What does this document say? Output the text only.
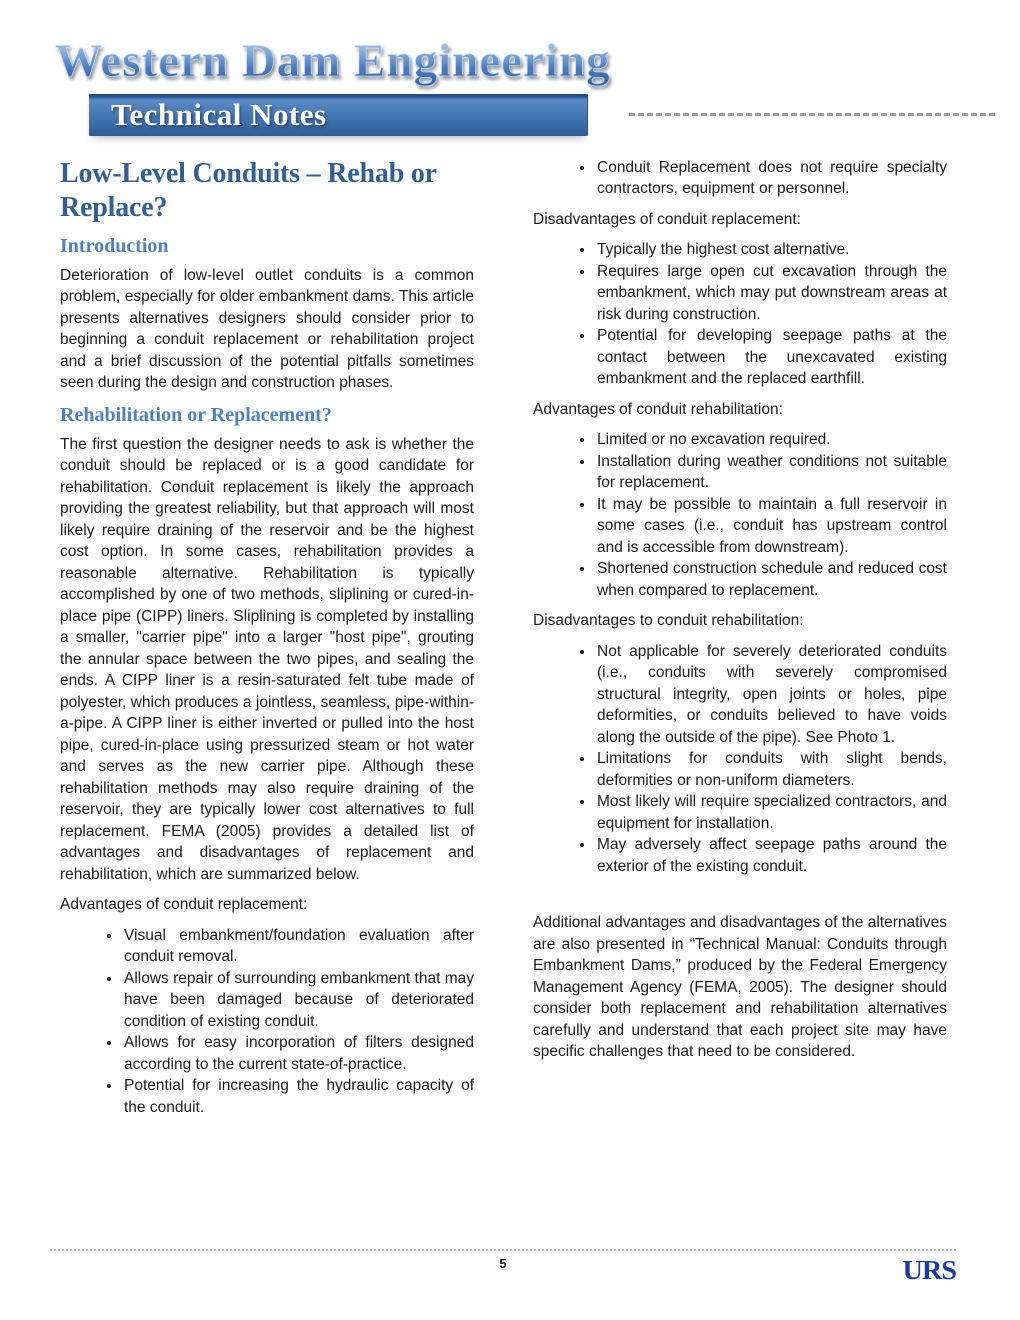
Western Dam Engineering
Technical Notes
Low-Level Conduits – Rehab or Replace?
Introduction

Deterioration of low-level outlet conduits is a common problem, especially for older embankment dams. This article presents alternatives designers should consider prior to beginning a conduit replacement or rehabilitation project and a brief discussion of the potential pitfalls sometimes seen during the design and construction phases.

Rehabilitation or Replacement?

The first question the designer needs to ask is whether the conduit should be replaced or is a good candidate for rehabilitation. Conduit replacement is likely the approach providing the greatest reliability, but that approach will most likely require draining of the reservoir and be the highest cost option. In some cases, rehabilitation provides a reasonable alternative. Rehabilitation is typically accomplished by one of two methods, sliplining or cured-in-place pipe (CIPP) liners. Sliplining is completed by installing a smaller, "carrier pipe" into a larger "host pipe", grouting the annular space between the two pipes, and sealing the ends. A CIPP liner is a resin-saturated felt tube made of polyester, which produces a jointless, seamless, pipe-within-a-pipe. A CIPP liner is either inverted or pulled into the host pipe, cured-in-place using pressurized steam or hot water and serves as the new carrier pipe. Although these rehabilitation methods may also require draining of the reservoir, they are typically lower cost alternatives to full replacement. FEMA (2005) provides a detailed list of advantages and disadvantages of replacement and rehabilitation, which are summarized below.

Advantages of conduit replacement:

• Visual embankment/foundation evaluation after conduit removal.
• Allows repair of surrounding embankment that may have been damaged because of deteriorated condition of existing conduit.
• Allows for easy incorporation of filters designed according to the current state-of-practice.
• Potential for increasing the hydraulic capacity of the conduit.
• Conduit Replacement does not require specialty contractors, equipment or personnel.

Disadvantages of conduit replacement:

• Typically the highest cost alternative.
• Requires large open cut excavation through the embankment, which may put downstream areas at risk during construction.
• Potential for developing seepage paths at the contact between the unexcavated existing embankment and the replaced earthfill.

Advantages of conduit rehabilitation:

• Limited or no excavation required.
• Installation during weather conditions not suitable for replacement.
• It may be possible to maintain a full reservoir in some cases (i.e., conduit has upstream control and is accessible from downstream).
• Shortened construction schedule and reduced cost when compared to replacement.

Disadvantages to conduit rehabilitation:

• Not applicable for severely deteriorated conduits (i.e., conduits with severely compromised structural integrity, open joints or holes, pipe deformities, or conduits believed to have voids along the outside of the pipe). See Photo 1.
• Limitations for conduits with slight bends, deformities or non-uniform diameters.
• Most likely will require specialized contractors, and equipment for installation.
• May adversely affect seepage paths around the exterior of the existing conduit.

Additional advantages and disadvantages of the alternatives are also presented in “Technical Manual: Conduits through Embankment Dams,” produced by the Federal Emergency Management Agency (FEMA, 2005). The designer should consider both replacement and rehabilitation alternatives carefully and understand that each project site may have specific challenges that need to be considered.

5	URS
